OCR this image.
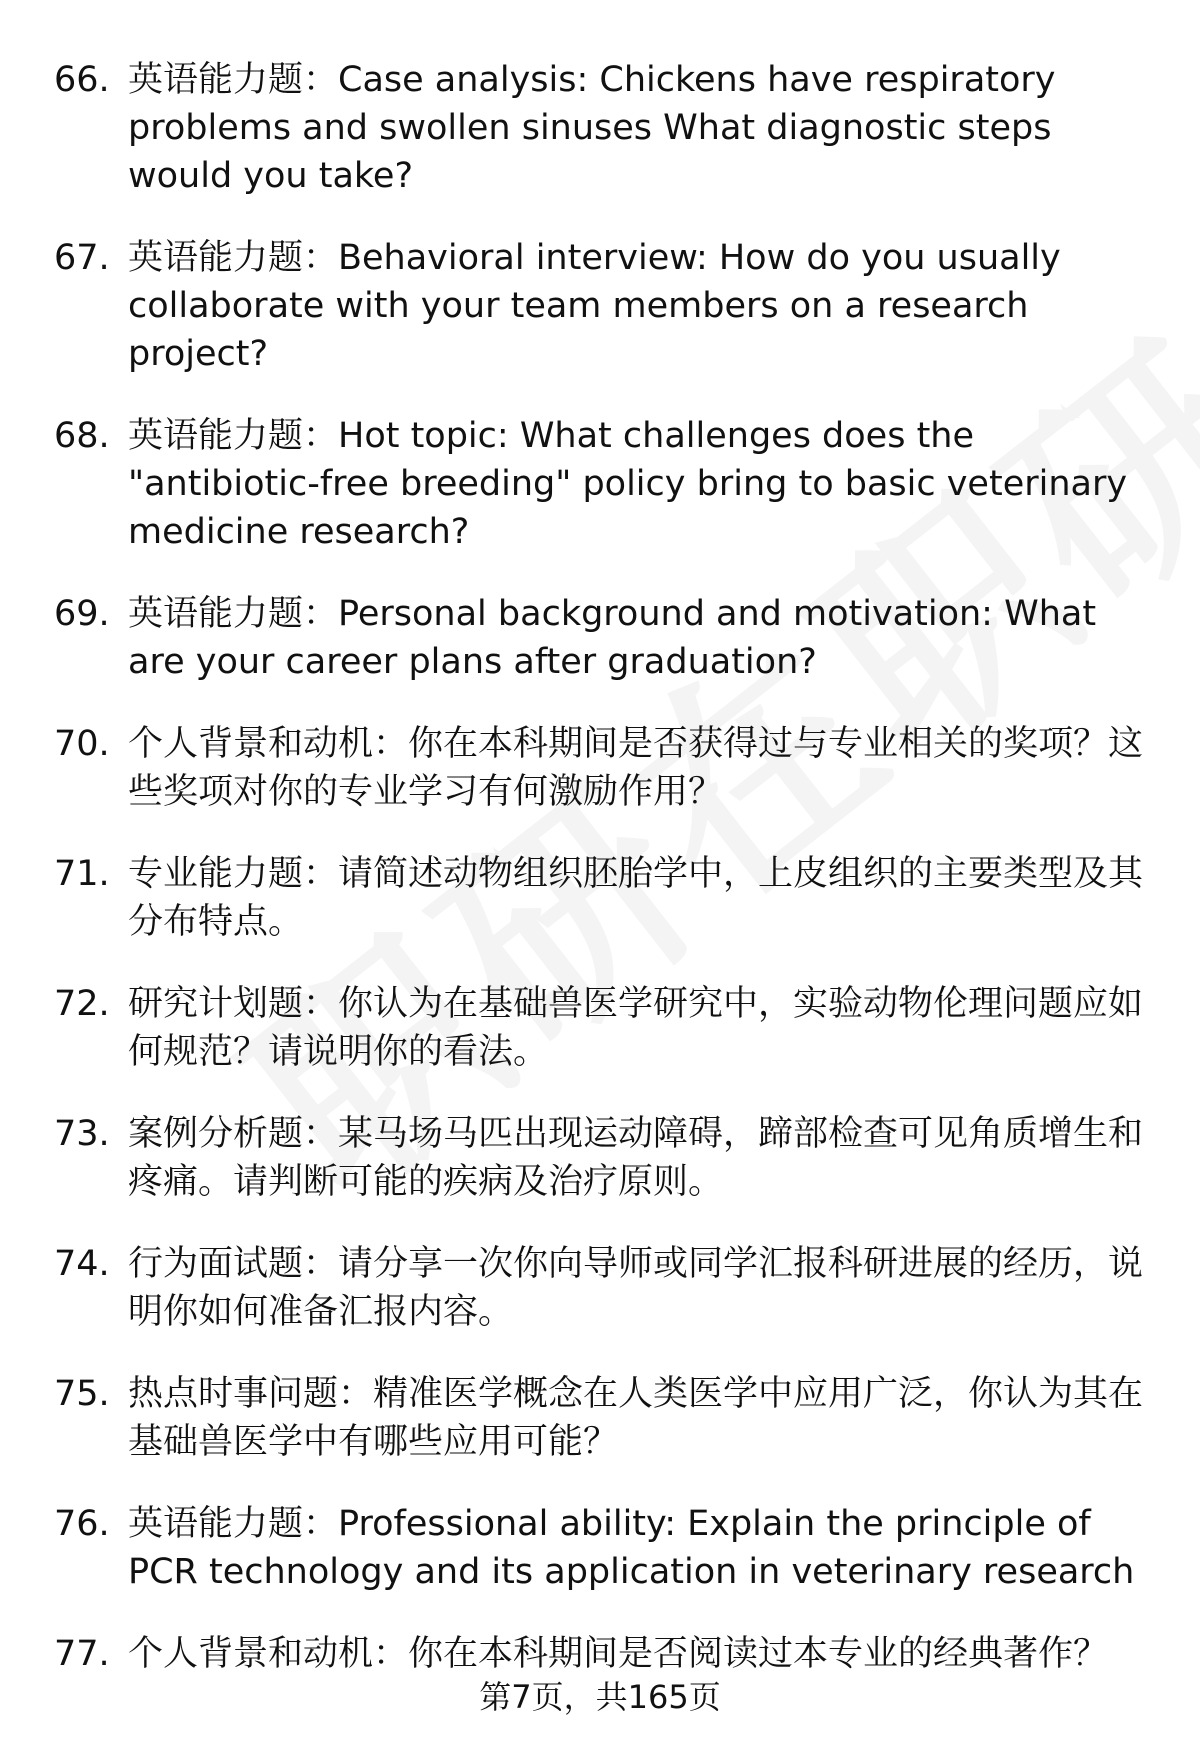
66. 英语能力题：Case analysis: Chickens have respiratory problems and swollen sinuses What diagnostic steps would you take?
67. 英语能力题：Behavioral interview: How do you usually collaborate with your team members on a research project?
68. 英语能力题：Hot topic: What challenges does the "antibiotic-free breeding" policy bring to basic veterinary medicine research?
69. 英语能力题：Personal background and motivation: What are your career plans after graduation?
70. 个人背景和动机：你在本科期间是否获得过与专业相关的奖项？这些奖项对你的专业学习有何激励作用？
71. 专业能力题：请简述动物组织胚胎学中，上皮组织的主要类型及其分布特点。
72. 研究计划题：你认为在基础兽医学研究中，实验动物伦理问题应如何规范？请说明你的看法。
73. 案例分析题：某马场马匹出现运动障碍，蹄部检查可见角质增生和疼痛。请判断可能的疾病及治疗原则。
74. 行为面试题：请分享一次你向导师或同学汇报科研进展的经历，说明你如何准备汇报内容。
75. 热点时事问题：精准医学概念在人类医学中应用广泛，你认为其在基础兽医学中有哪些应用可能？
76. 英语能力题：Professional ability: Explain the principle of PCR technology and its application in veterinary research
77. 个人背景和动机：你在本科期间是否阅读过本专业的经典著作？
第7页，共165页
